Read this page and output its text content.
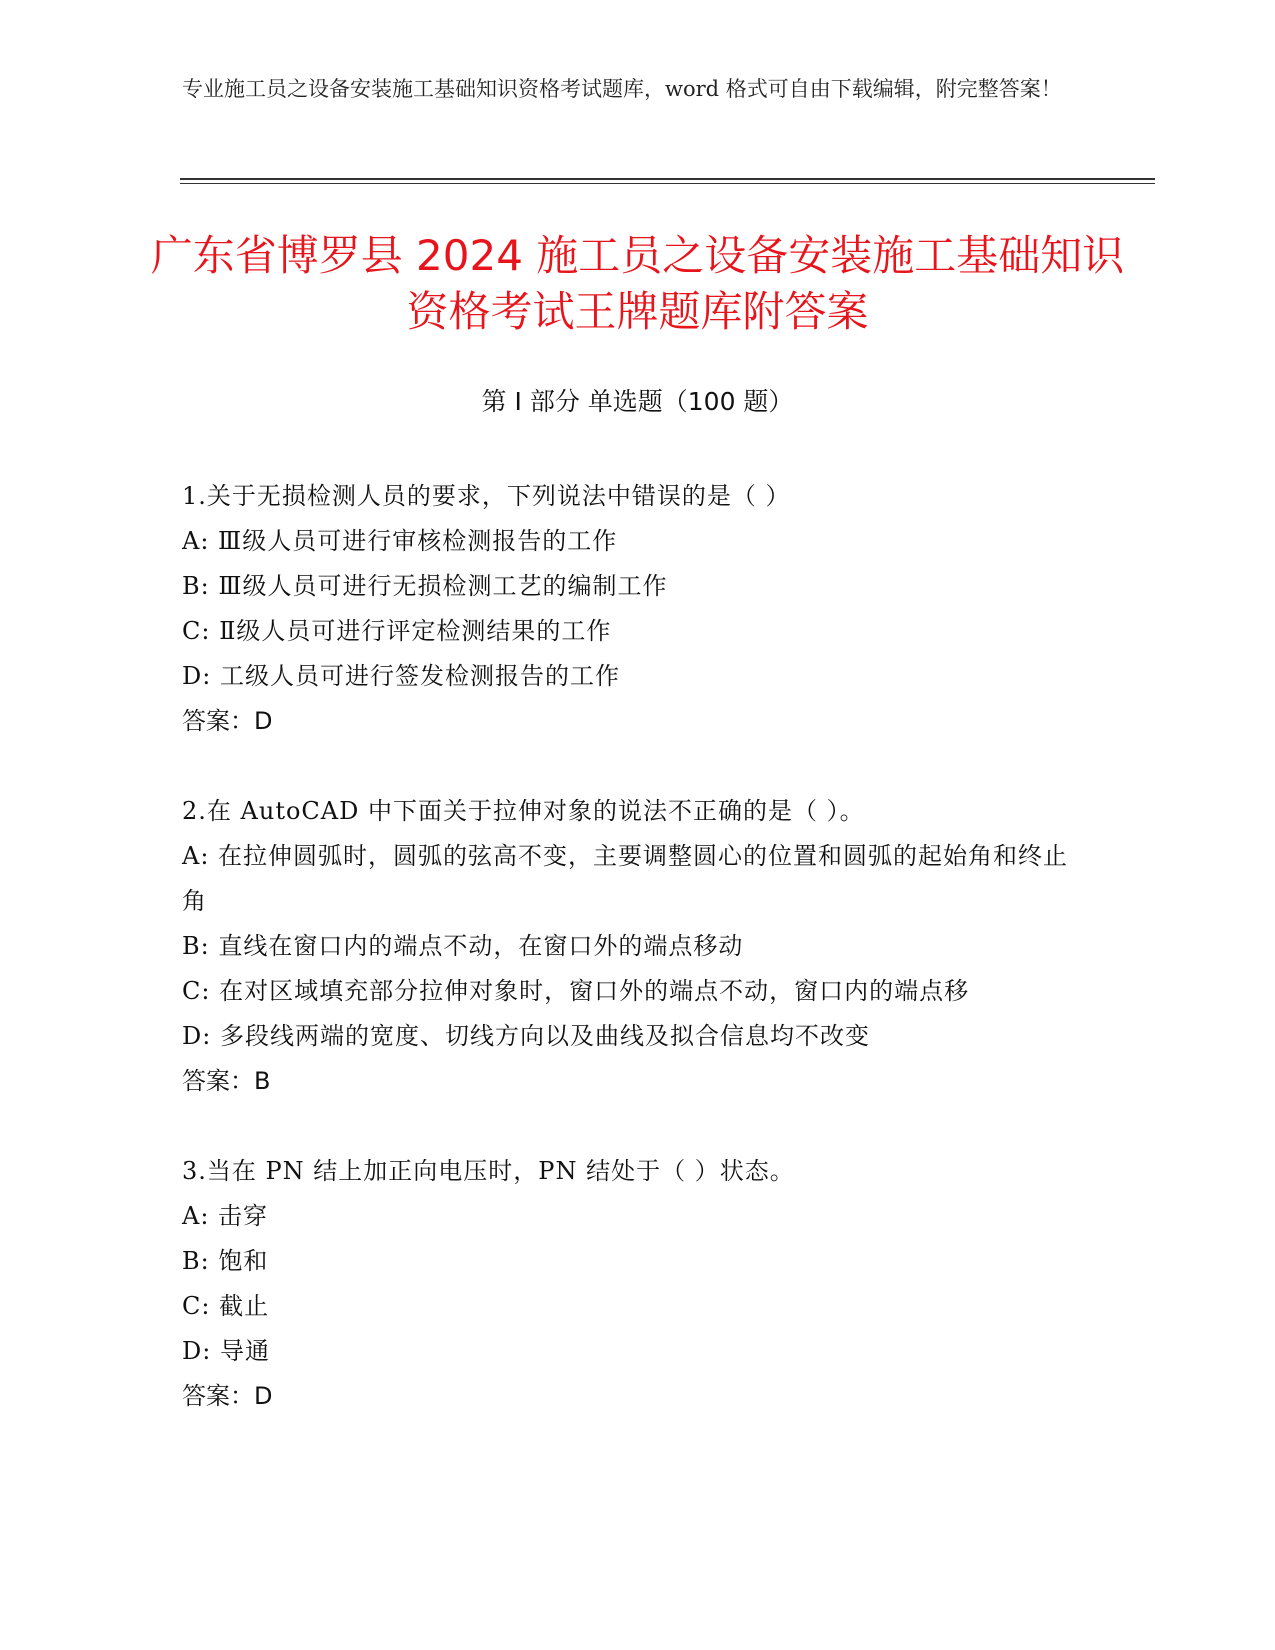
专业施工员之设备安装施工基础知识资格考试题库，word 格式可自由下载编辑，附完整答案！
广东省博罗县 2024 施工员之设备安装施工基础知识资格考试王牌题库附答案
第 I 部分 单选题（100 题）
1.关于无损检测人员的要求，下列说法中错误的是（ ）
A: Ⅲ级人员可进行审核检测报告的工作
B: Ⅲ级人员可进行无损检测工艺的编制工作
C: Ⅱ级人员可进行评定检测结果的工作
D: 工级人员可进行签发检测报告的工作
答案：D
2.在 AutoCAD 中下面关于拉伸对象的说法不正确的是（ ）。
A: 在拉伸圆弧时，圆弧的弦高不变，主要调整圆心的位置和圆弧的起始角和终止角
B: 直线在窗口内的端点不动，在窗口外的端点移动
C: 在对区域填充部分拉伸对象时，窗口外的端点不动，窗口内的端点移
D: 多段线两端的宽度、切线方向以及曲线及拟合信息均不改变
答案：B
3.当在 PN 结上加正向电压时，PN 结处于（ ）状态。
A: 击穿
B: 饱和
C: 截止
D: 导通
答案：D
